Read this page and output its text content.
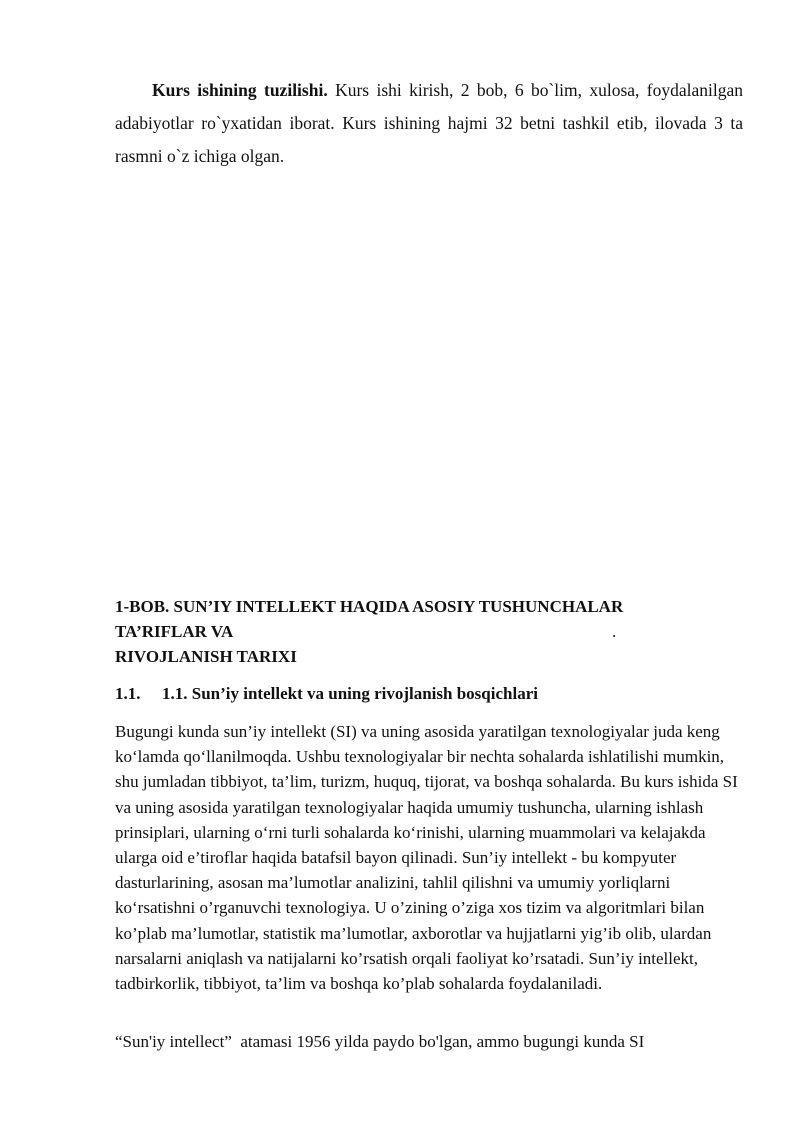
Kurs ishining tuzilishi. Kurs ishi kirish, 2 bob, 6 bo`lim, xulosa, foydalanilgan adabiyotlar ro`yxatidan iborat. Kurs ishining hajmi 32 betni tashkil etib, ilovada 3 ta rasmni o`z ichiga olgan.

1-BOB. SUN’IY INTELLEKT HAQIDA ASOSIY TUSHUNCHALAR
TA’RIFLAR VA	.
RIVOJLANISH TARIXI
1.1. 1.1. Sun’iy intellekt va uning rivojlanish bosqichlari

Bugungi kunda sun’iy intellekt (SI) va uning asosida yaratilgan texnologiyalar juda keng ko‘lamda qo‘llanilmoqda. Ushbu texnologiyalar bir nechta sohalarda ishlatilishi mumkin, shu jumladan tibbiyot, ta’lim, turizm, huquq, tijorat, va boshqa sohalarda. Bu kurs ishida SI va uning asosida yaratilgan texnologiyalar haqida umumiy tushuncha, ularning ishlash prinsiplari, ularning o‘rni turli sohalarda ko‘rinishi, ularning muammolari va kelajakda ularga oid e’tiroflar haqida batafsil bayon qilinadi. Sun’iy intellekt - bu kompyuter dasturlarining, asosan ma’lumotlar analizini, tahlil qilishni va umumiy yorliqlarni ko‘rsatishni o’rganuvchi texnologiya. U o’zining o’ziga xos tizim va algoritmlari bilan ko’plab ma’lumotlar, statistik ma’lumotlar, axborotlar va hujjatlarni yig’ib olib, ulardan narsalarni aniqlash va natijalarni ko’rsatish orqali faoliyat ko’rsatadi. Sun’iy intellekt, tadbirkorlik, tibbiyot, ta’lim va boshqa ko’plab sohalarda foydalaniladi.

“Sun'iy intellect”  atamasi 1956 yilda paydo bo'lgan, ammo bugungi kunda SI
